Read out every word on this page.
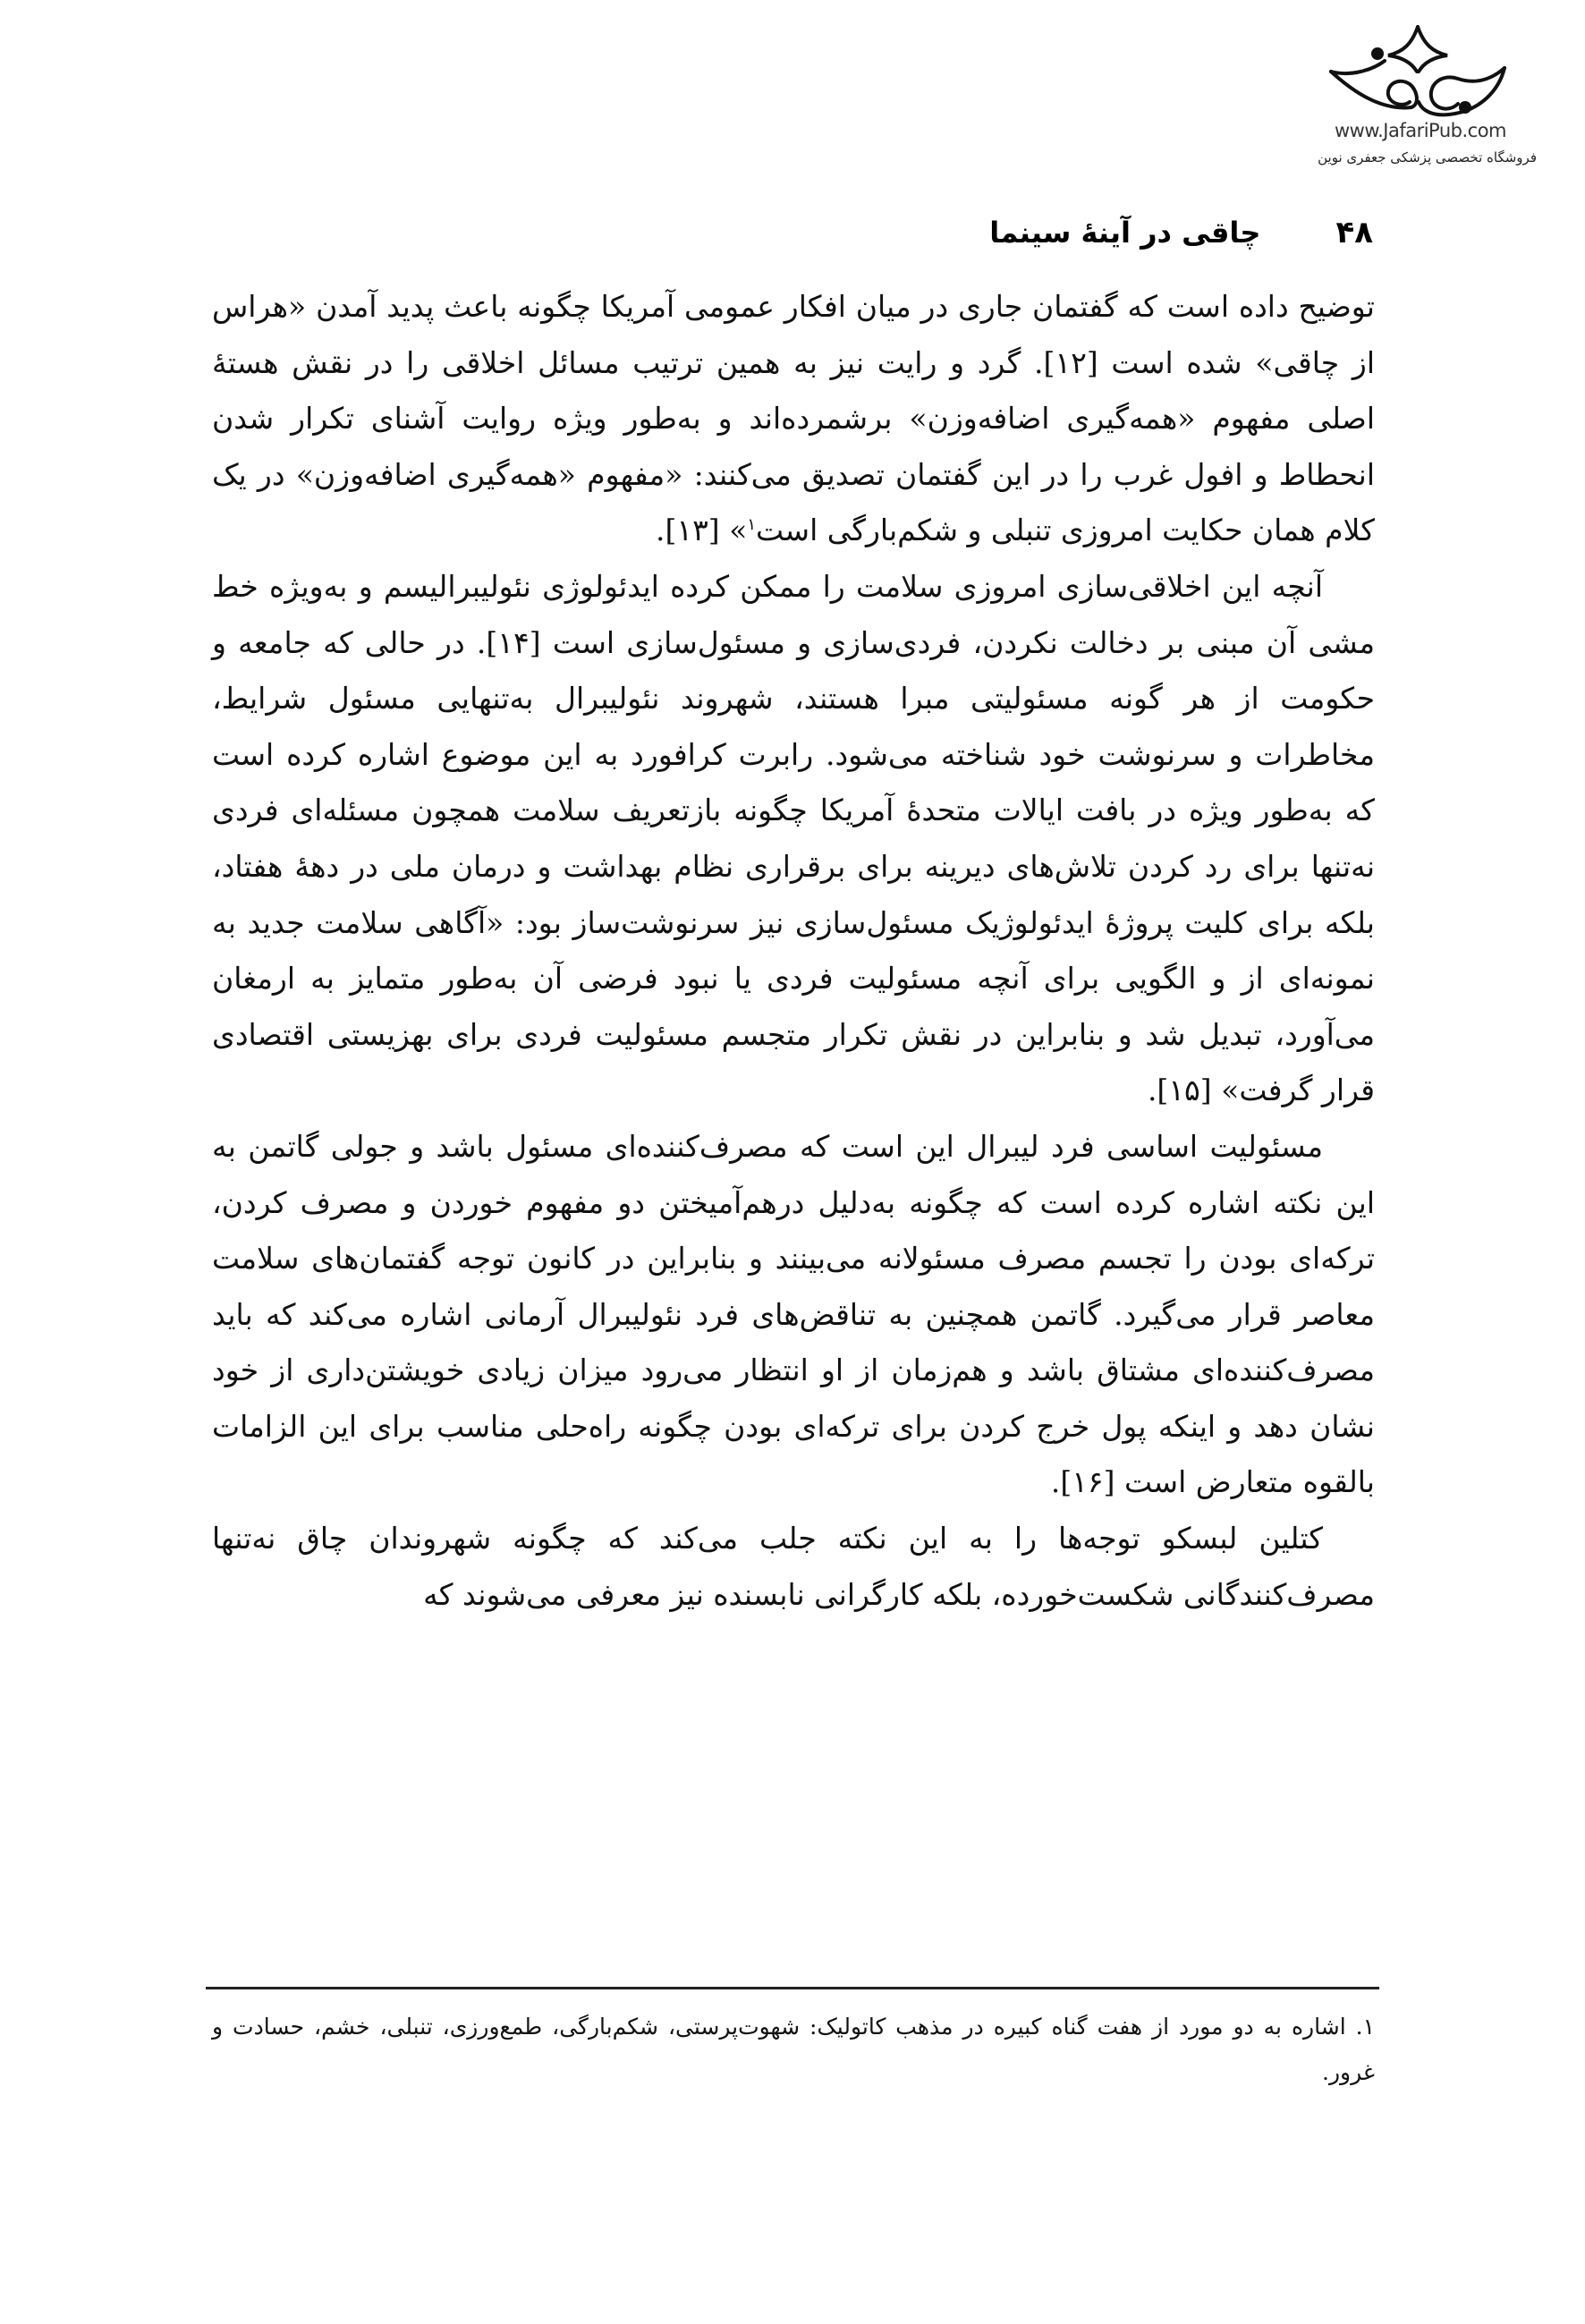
www.JafariPub.com
فروشگاه تخصصی پزشکی جعفری نوین
۴۸
چاقی در آینۀ سینما

توضیح داده است که گفتمان جاری در میان افکار عمومی آمریکا چگونه باعث پدید آمدن «هراس از چاقی» شده است [۱۲]. گرد و رایت نیز به همین ترتیب مسائل اخلاقی را در نقش هستۀ اصلی مفهوم «همه‌گیری اضافه‌وزن» برشمرده‌اند و به‌طور ویژه روایت آشنای تکرار شدن انحطاط و افول غرب را در این گفتمان تصدیق می‌کنند: «مفهوم «همه‌گیری اضافه‌وزن» در یک کلام همان حکایت امروزی تنبلی و شکم‌بارگی است$^۱$» [۱۳].

آنچه این اخلاقی‌سازی امروزی سلامت را ممکن کرده ایدئولوژی نئولیبرالیسم و به‌ویژه خط مشی آن مبنی بر دخالت نکردن، فردی‌سازی و مسئول‌سازی است [۱۴]. در حالی که جامعه و حکومت از هر گونه مسئولیتی مبرا هستند، شهروند نئولیبرال به‌تنهایی مسئول شرایط، مخاطرات و سرنوشت خود شناخته می‌شود. رابرت کرافورد به این موضوع اشاره کرده است که به‌طور ویژه در بافت ایالات متحدۀ آمریکا چگونه بازتعریف سلامت همچون مسئله‌ای فردی نه‌تنها برای رد کردن تلاش‌های دیرینه برای برقراری نظام بهداشت و درمان ملی در دهۀ هفتاد، بلکه برای کلیت پروژۀ ایدئولوژیک مسئول‌سازی نیز سرنوشت‌ساز بود: «آگاهی سلامت جدید به نمونه‌ای از و الگویی برای آنچه مسئولیت فردی یا نبود فرضی آن به‌طور متمایز به ارمغان می‌آورد، تبدیل شد و بنابراین در نقش تکرار متجسم مسئولیت فردی برای بهزیستی اقتصادی قرار گرفت» [۱۵].

مسئولیت اساسی فرد لیبرال این است که مصرف‌کننده‌ای مسئول باشد و جولی گاتمن به این نکته اشاره کرده است که چگونه به‌دلیل درهم‌آمیختن دو مفهوم خوردن و مصرف کردن، ترکه‌ای بودن را تجسم مصرف مسئولانه می‌بینند و بنابراین در کانون توجه گفتمان‌های سلامت معاصر قرار می‌گیرد. گاتمن همچنین به تناقض‌های فرد نئولیبرال آرمانی اشاره می‌کند که باید مصرف‌کننده‌ای مشتاق باشد و هم‌زمان از او انتظار می‌رود میزان زیادی خویشتن‌داری از خود نشان دهد و اینکه پول خرج کردن برای ترکه‌ای بودن چگونه راه‌حلی مناسب برای این الزامات بالقوه متعارض است [۱۶].

کتلین لبسکو توجه‌ها را به این نکته جلب می‌کند که چگونه شهروندان چاق نه‌تنها مصرف‌کنندگانی شکست‌خورده، بلکه کارگرانی نابسنده نیز معرفی می‌شوند که

۱. اشاره به دو مورد از هفت گناه کبیره در مذهب کاتولیک: شهوت‌پرستی، شکم‌بارگی، طمع‌ورزی، تنبلی، خشم، حسادت و غرور.
